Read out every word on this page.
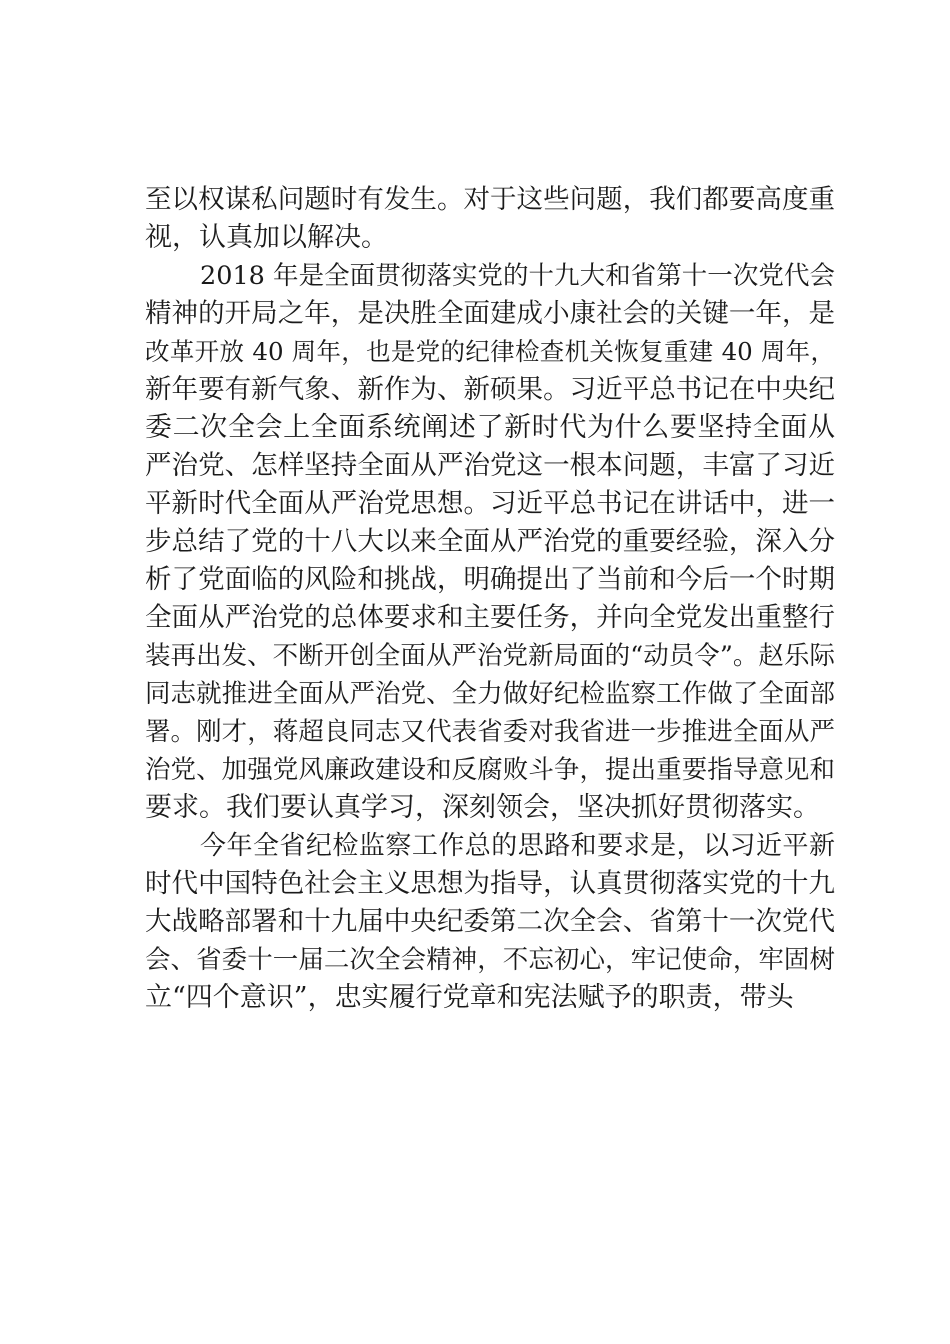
至以权谋私问题时有发生。对于这些问题，我们都要高度重
视，认真加以解决。
2018 年是全面贯彻落实党的十九大和省第十一次党代会
精神的开局之年，是决胜全面建成小康社会的关键一年，是
改革开放 40 周年，也是党的纪律检查机关恢复重建 40 周年，
新年要有新气象、新作为、新硕果。习近平总书记在中央纪
委二次全会上全面系统阐述了新时代为什么要坚持全面从
严治党、怎样坚持全面从严治党这一根本问题，丰富了习近
平新时代全面从严治党思想。习近平总书记在讲话中，进一
步总结了党的十八大以来全面从严治党的重要经验，深入分
析了党面临的风险和挑战，明确提出了当前和今后一个时期
全面从严治党的总体要求和主要任务，并向全党发出重整行
装再出发、不断开创全面从严治党新局面的“动员令”。赵乐际
同志就推进全面从严治党、全力做好纪检监察工作做了全面部
署。刚才，蒋超良同志又代表省委对我省进一步推进全面从严
治党、加强党风廉政建设和反腐败斗争，提出重要指导意见和
要求。我们要认真学习，深刻领会，坚决抓好贯彻落实。
今年全省纪检监察工作总的思路和要求是，以习近平新
时代中国特色社会主义思想为指导，认真贯彻落实党的十九
大战略部署和十九届中央纪委第二次全会、省第十一次党代
会、省委十一届二次全会精神，不忘初心，牢记使命，牢固树
立“四个意识”，忠实履行党章和宪法赋予的职责，带头
